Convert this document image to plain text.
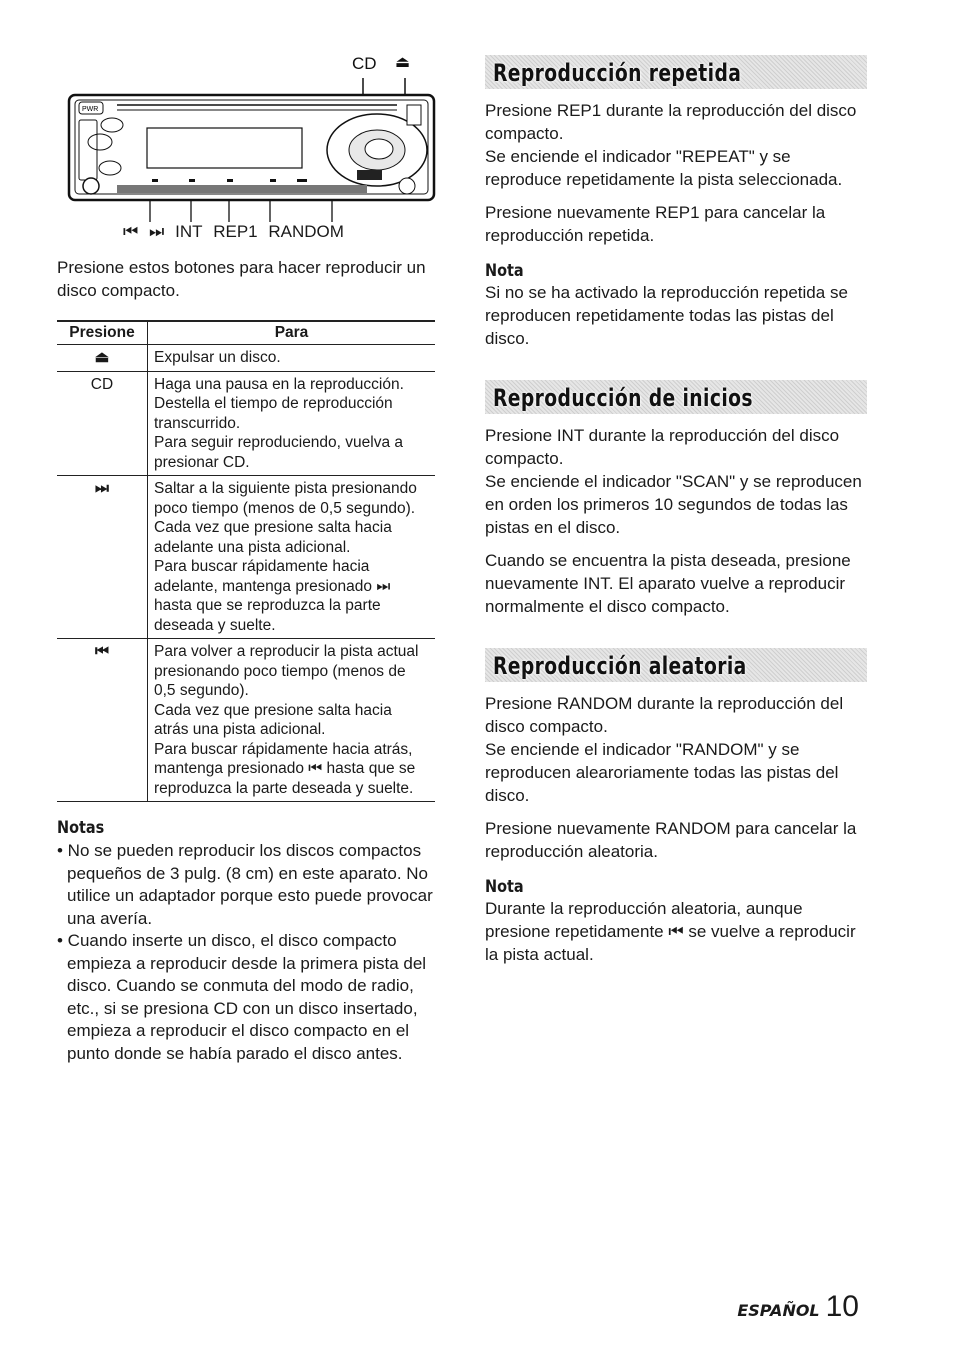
PWR
CD ⏏
⏮ ⏭ INT REP1 RANDOM

Presione estos botones para hacer reproducir un disco compacto.

Presione	Para
⏏	Expulsar un disco.

CD	Haga una pausa en la reproducción.
Destella el tiempo de reproducción transcurrido.
Para seguir reproduciendo, vuelva a presionar CD.

⏭	Saltar a la siguiente pista presionando poco tiempo (menos de 0,5 segundo).
Cada vez que presione salta hacia adelante una pista adicional.
Para buscar rápidamente hacia adelante, mantenga presionado ⏭ hasta que se reproduzca la parte deseada y suelte.

⏮	Para volver a reproducir la pista actual presionando poco tiempo (menos de 0,5 segundo).
Cada vez que presione salta hacia atrás una pista adicional.
Para buscar rápidamente hacia atrás, mantenga presionado ⏮ hasta que se reproduzca la parte deseada y suelte.
Notas
• No se pueden reproducir los discos compactos pequeños de 3 pulg. (8 cm) en este aparato. No utilice un adaptador porque esto puede provocar una avería.
• Cuando inserte un disco, el disco compacto empieza a reproducir desde la primera pista del disco. Cuando se conmuta del modo de radio, etc., si se presiona CD con un disco insertado, empieza a reproducir el disco compacto en el punto donde se había parado el disco antes.
Reproducción repetida

Presione REP1 durante la reproducción del disco compacto.
Se enciende el indicador "REPEAT" y se reproduce repetidamente la pista seleccionada.

Presione nuevamente REP1 para cancelar la reproducción repetida.

Nota

Si no se ha activado la reproducción repetida se reproducen repetidamente todas las pistas del disco.

Reproducción de inicios

Presione INT durante la reproducción del disco compacto.
Se enciende el indicador "SCAN" y se reproducen en orden los primeros 10 segundos de todas las pistas en el disco.

Cuando se encuentra la pista deseada, presione nuevamente INT. El aparato vuelve a reproducir normalmente el disco compacto.

Reproducción aleatoria

Presione RANDOM durante la reproducción del disco compacto.
Se enciende el indicador "RANDOM" y se reproducen alearoriamente todas las pistas del disco.

Presione nuevamente RANDOM para cancelar la reproducción aleatoria.

Nota

Durante la reproducción aleatoria, aunque presione repetidamente ⏮ se vuelve a reproducir la pista actual.

ESPAÑOL 10
